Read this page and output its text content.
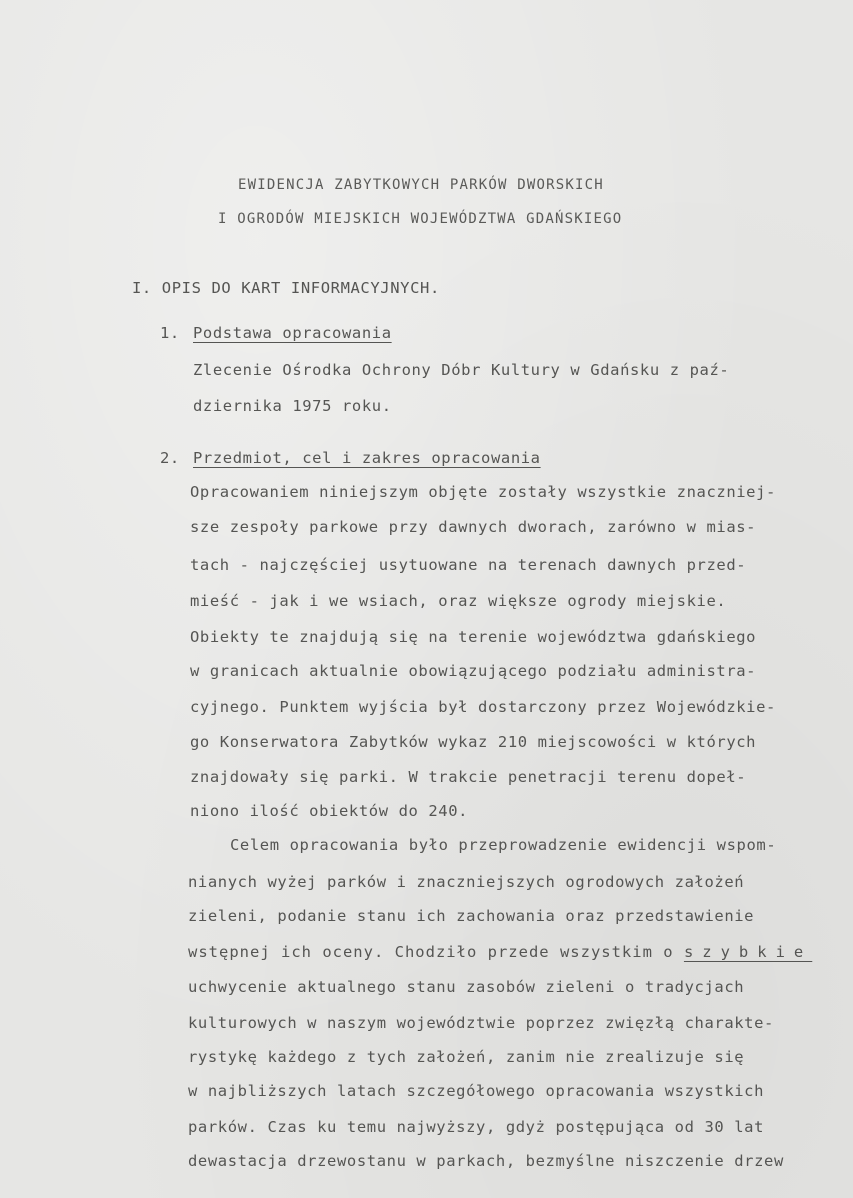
EWIDENCJA ZABYTKOWYCH PARKÓW DWORSKICH
I OGRODÓW MIEJSKICH WOJEWÓDZTWA GDAŃSKIEGO
I. OPIS DO KART INFORMACYJNYCH.
1. Podstawa opracowania
Zlecenie Ośrodka Ochrony Dóbr Kultury w Gdańsku z paź-
dziernika 1975 roku.
2. Przedmiot, cel i zakres opracowania
Opracowaniem niniejszym objęte zostały wszystkie znaczniej-
sze zespoły parkowe przy dawnych dworach, zarówno w mias-
tach - najczęściej usytuowane na terenach dawnych przed-
mieść - jak i we wsiach, oraz większe ogrody miejskie.
Obiekty te znajdują się na terenie województwa gdańskiego
w granicach aktualnie obowiązującego podziału administra-
cyjnego. Punktem wyjścia był dostarczony przez Wojewódzkie-
go Konserwatora Zabytków wykaz 210 miejscowości w których
znajdowały się parki. W trakcie penetracji terenu dopeł-
niono ilość obiektów do 240.
Celem opracowania było przeprowadzenie ewidencji wspom-
nianych wyżej parków i znaczniejszych ogrodowych założeń
zieleni, podanie stanu ich zachowania oraz przedstawienie
wstępnej ich oceny. Chodziło przede wszystkim o szybkie
uchwycenie aktualnego stanu zasobów zieleni o tradycjach
kulturowych w naszym województwie poprzez zwięzłą charakte-
rystykę każdego z tych założeń, zanim nie zrealizuje się
w najbliższych latach szczegółowego opracowania wszystkich
parków. Czas ku temu najwyższy, gdyż postępująca od 30 lat
dewastacja drzewostanu w parkach, bezmyślne niszczenie drzew
